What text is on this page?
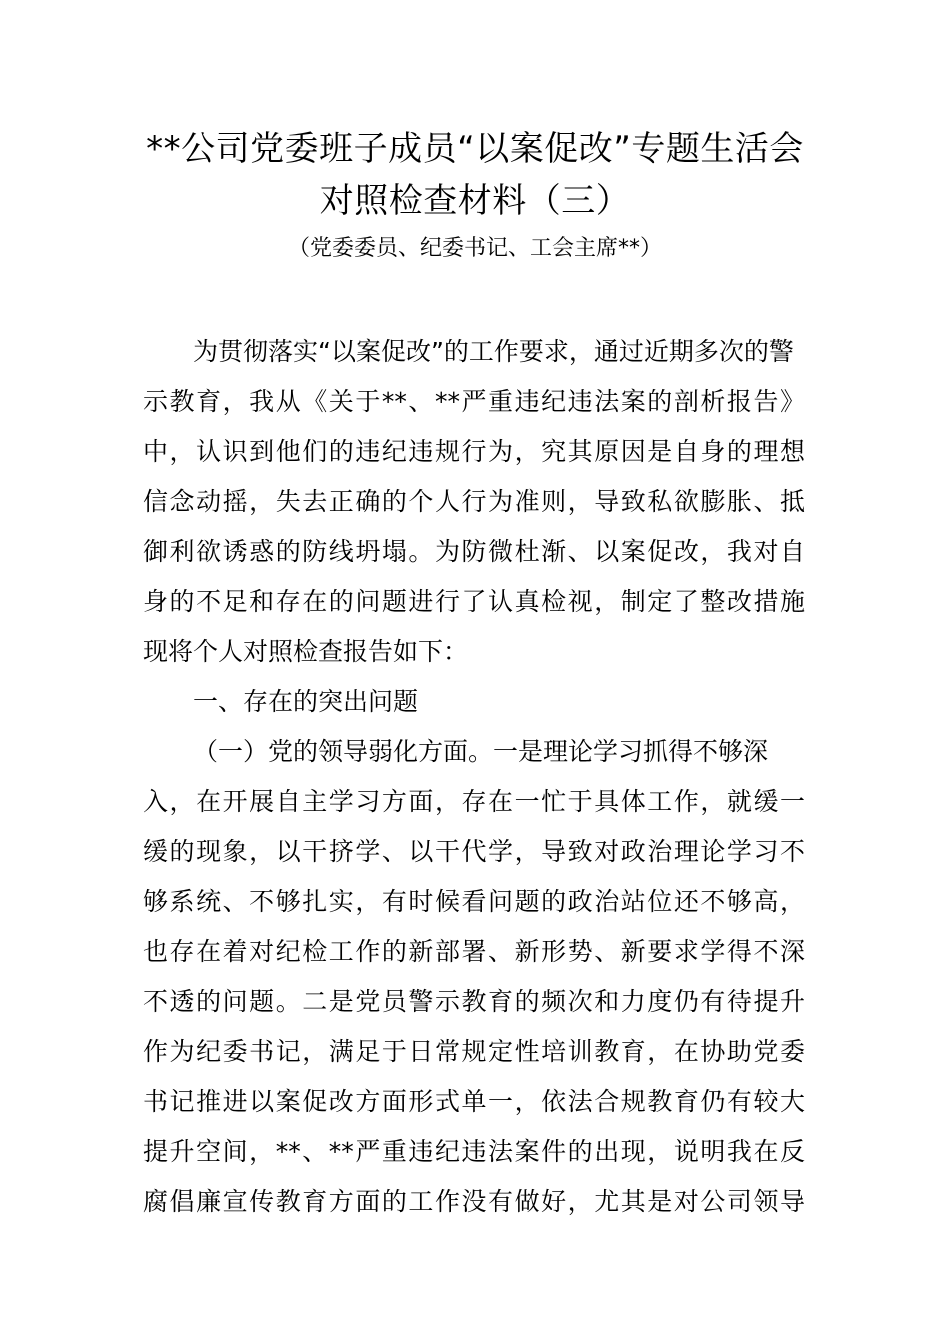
**公司党委班子成员“以案促改”专题生活会
对照检查材料（三）
（党委委员、纪委书记、工会主席**）
为贯彻落实“以案促改”的工作要求，通过近期多次的警
示教育，我从《关于**、**严重违纪违法案的剖析报告》
中，认识到他们的违纪违规行为，究其原因是自身的理想
信念动摇，失去正确的个人行为准则，导致私欲膨胀、抵
御利欲诱惑的防线坍塌。为防微杜渐、以案促改，我对自
身的不足和存在的问题进行了认真检视，制定了整改措施
现将个人对照检查报告如下：
一、存在的突出问题
（一）党的领导弱化方面。一是理论学习抓得不够深
入，在开展自主学习方面，存在一忙于具体工作，就缓一
缓的现象，以干挤学、以干代学，导致对政治理论学习不
够系统、不够扎实，有时候看问题的政治站位还不够高，
也存在着对纪检工作的新部署、新形势、新要求学得不深
不透的问题。二是党员警示教育的频次和力度仍有待提升
作为纪委书记，满足于日常规定性培训教育，在协助党委
书记推进以案促改方面形式单一，依法合规教育仍有较大
提升空间，**、**严重违纪违法案件的出现，说明我在反
腐倡廉宣传教育方面的工作没有做好，尤其是对公司领导
